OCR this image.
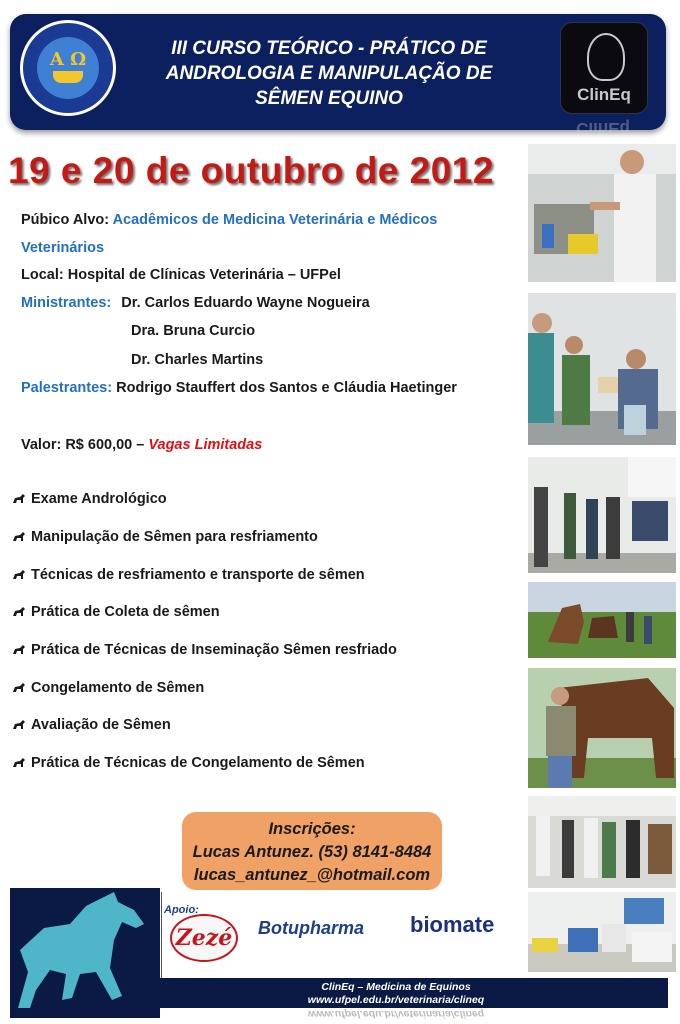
Α Ω
III CURSO TEÓRICO - PRÁTICO DE
ANDROLOGIA E MANIPULAÇÃO DE
SÊMEN EQUINO	ClinEq
ClinEq
19 e 20 de outubro de 2012
Púbico Alvo: Acadêmicos de Medicina Veterinária e Médicos
Veterinários
Local: Hospital de Clínicas Veterinária – UFPel
Ministrantes: Dr. Carlos Eduardo Wayne Nogueira
Dra. Bruna Curcio
Dr. Charles Martins
Palestrantes: Rodrigo Stauffert dos Santos e Cláudia Haetinger
Valor: R$ 600,00 – Vagas Limitadas
Exame Andrológico
Manipulação de Sêmen para resfriamento
Técnicas de resfriamento e transporte de sêmen
Prática de Coleta de sêmen
Prática de Técnicas de Inseminação Sêmen resfriado
Congelamento de Sêmen
Avaliação de Sêmen
Prática de Técnicas de Congelamento de Sêmen
Inscrições:
Lucas Antunez. (53) 8141-8484
lucas_antunez_@hotmail.com
Apoio:
Zezé	Botupharma biomate
ClinEq – Medicina de Equinos
www.ufpel.edu.br/veterinaria/clineq
www.ufpel.edu.br/veterinaria/clineq
